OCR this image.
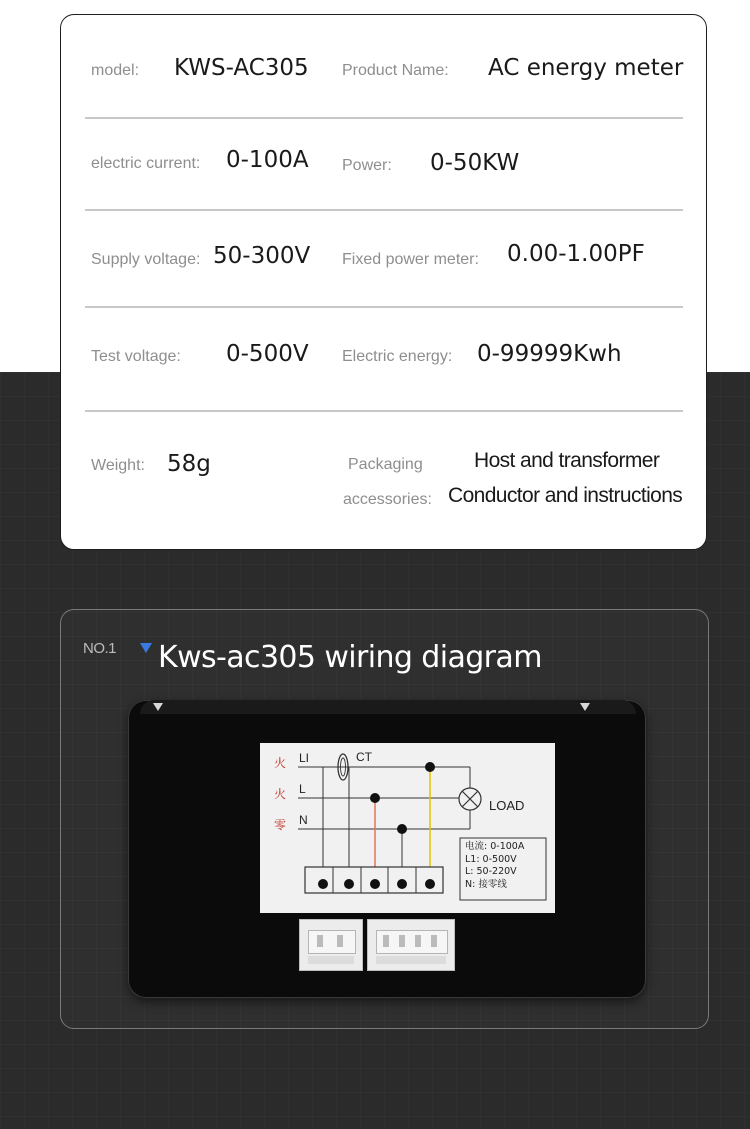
model: KWS-AC305 Product Name: AC energy meter
electric current: 0-100A Power: 0-50KW
Supply voltage: 50-300V Fixed power meter: 0.00-1.00PF
Test voltage: 0-500V Electric energy: 0-99999Kwh
Weight: 58g	Packaging
accessories:
Host and transformer
Conductor and instructions
NO.1 Kws-ac305 wiring diagram
火 LI
火 L
零 N
CT
LOAD
电流: 0-100A
L1: 0-500V
L: 50-220V
N: 接零线
